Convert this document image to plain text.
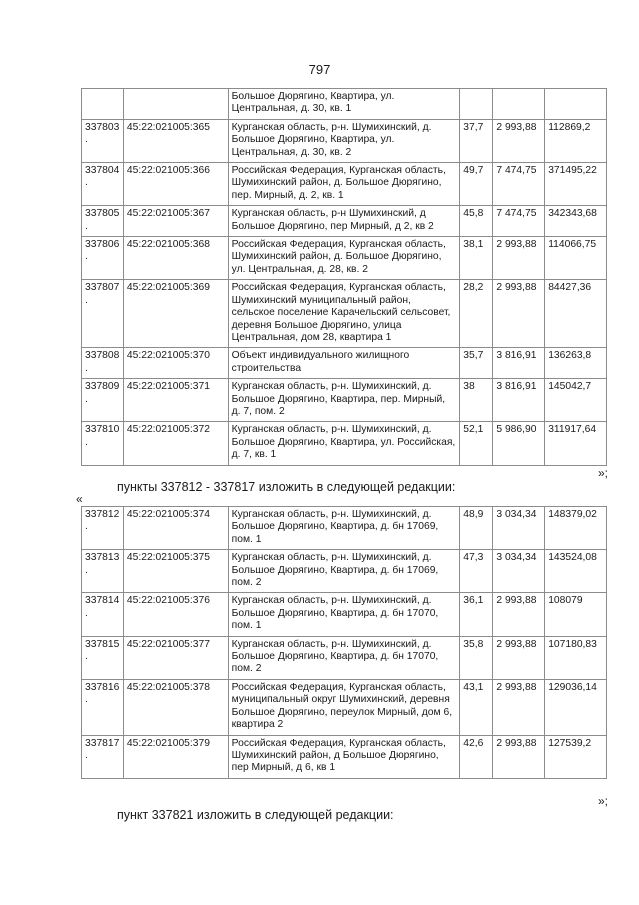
797
		Большое Дюрягино, Квартира, ул. Центральная, д. 30, кв. 1			
337803.	45:22:021005:365	Курганская область, р-н. Шумихинский, д. Большое Дюрягино, Квартира, ул. Центральная, д. 30, кв. 2	37,7	2 993,88	112869,2
337804.	45:22:021005:366	Российская Федерация, Курганская область, Шумихинский район, д. Большое Дюрягино, пер. Мирный, д. 2, кв. 1	49,7	7 474,75	371495,22
337805.	45:22:021005:367	Курганская область, р-н Шумихинский, д Большое Дюрягино, пер Мирный, д 2, кв 2	45,8	7 474,75	342343,68
337806.	45:22:021005:368	Российская Федерация, Курганская область, Шумихинский район, д. Большое Дюрягино, ул. Центральная, д. 28, кв. 2	38,1	2 993,88	114066,75
337807.	45:22:021005:369	Российская Федерация, Курганская область, Шумихинский муниципальный район, сельское поселение Карачельский сельсовет, деревня Большое Дюрягино, улица Центральная, дом 28, квартира 1	28,2	2 993,88	84427,36
337808.	45:22:021005:370	Объект индивидуального жилищного строительства	35,7	3 816,91	136263,8
337809.	45:22:021005:371	Курганская область, р-н. Шумихинский, д. Большое Дюрягино, Квартира, пер. Мирный, д. 7, пом. 2	38	3 816,91	145042,7
337810.	45:22:021005:372	Курганская область, р-н. Шумихинский, д. Большое Дюрягино, Квартира, ул. Российская, д. 7, кв. 1	52,1	5 986,90	311917,64
»;
пункты 337812 - 337817 изложить в следующей редакции:
«
337812.	45:22:021005:374	Курганская область, р-н. Шумихинский, д. Большое Дюрягино, Квартира, д. бн 17069, пом. 1	48,9	3 034,34	148379,02
337813.	45:22:021005:375	Курганская область, р-н. Шумихинский, д. Большое Дюрягино, Квартира, д. бн 17069, пом. 2	47,3	3 034,34	143524,08
337814.	45:22:021005:376	Курганская область, р-н. Шумихинский, д. Большое Дюрягино, Квартира, д. бн 17070, пом. 1	36,1	2 993,88	108079
337815.	45:22:021005:377	Курганская область, р-н. Шумихинский, д. Большое Дюрягино, Квартира, д. бн 17070, пом. 2	35,8	2 993,88	107180,83
337816.	45:22:021005:378	Российская Федерация, Курганская область, муниципальный округ Шумихинский, деревня Большое Дюрягино, переулок Мирный, дом 6, квартира 2	43,1	2 993,88	129036,14
337817.	45:22:021005:379	Российская Федерация, Курганская область, Шумихинский район, д Большое Дюрягино, пер Мирный, д 6, кв 1	42,6	2 993,88	127539,2
»;
пункт 337821 изложить в следующей редакции:
